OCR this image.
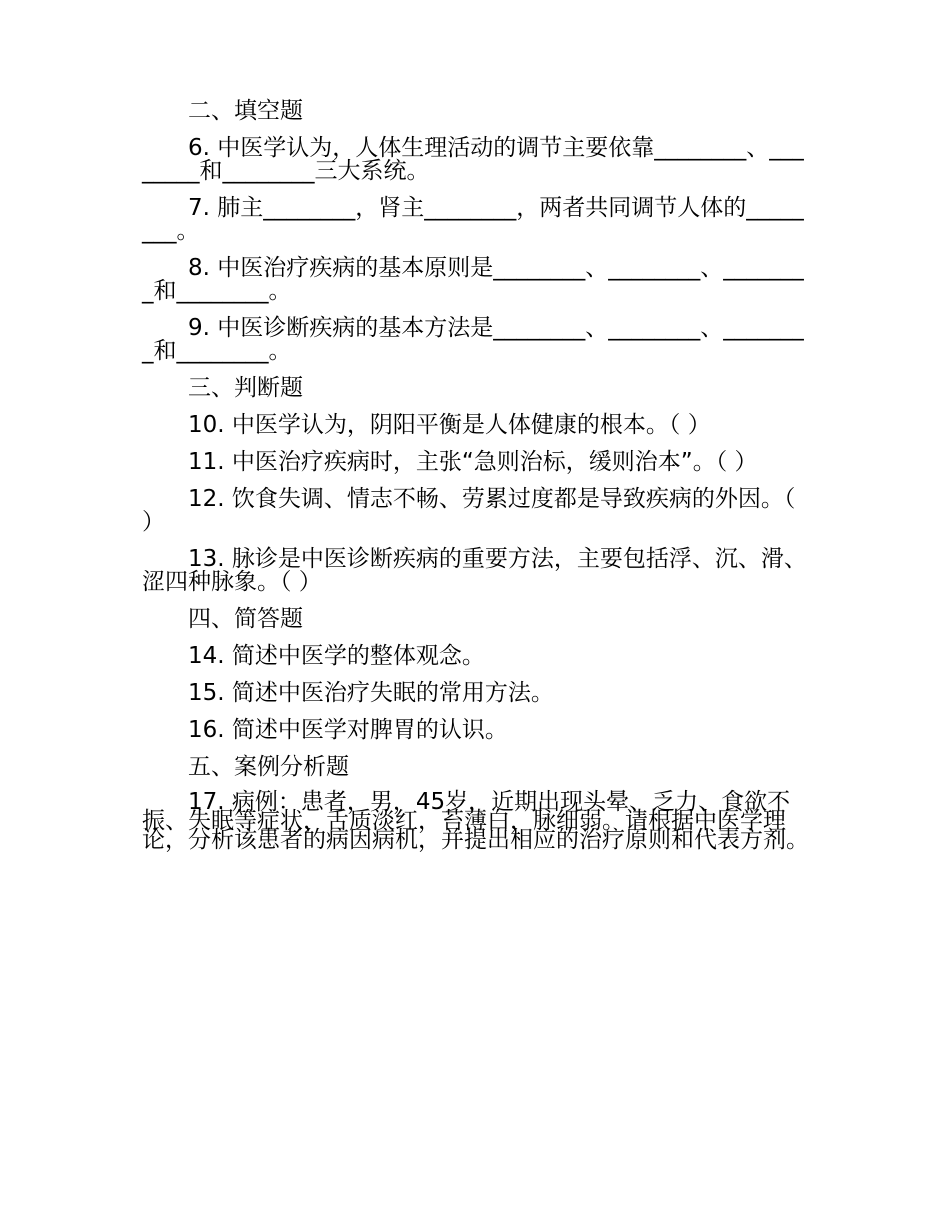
二、填空题

6. 中医学认为，人体生理活动的调节主要依靠________、________和________三大系统。

7. 肺主________，肾主________，两者共同调节人体的________。

8. 中医治疗疾病的基本原则是________、________、________和________。

9. 中医诊断疾病的基本方法是________、________、________和________。

三、判断题

10. 中医学认为，阴阳平衡是人体健康的根本。（ ）

11. 中医治疗疾病时，主张“急则治标，缓则治本”。（ ）

12. 饮食失调、情志不畅、劳累过度都是导致疾病的外因。（ ）

13. 脉诊是中医诊断疾病的重要方法，主要包括浮、沉、滑、涩四种脉象。（ ）

四、简答题

14. 简述中医学的整体观念。

15. 简述中医治疗失眠的常用方法。

16. 简述中医学对脾胃的认识。

五、案例分析题

17. 病例：患者，男，45岁，近期出现头晕、乏力、食欲不振、失眠等症状，舌质淡红，苔薄白，脉细弱。请根据中医学理论，分析该患者的病因病机，并提出相应的治疗原则和代表方剂。
